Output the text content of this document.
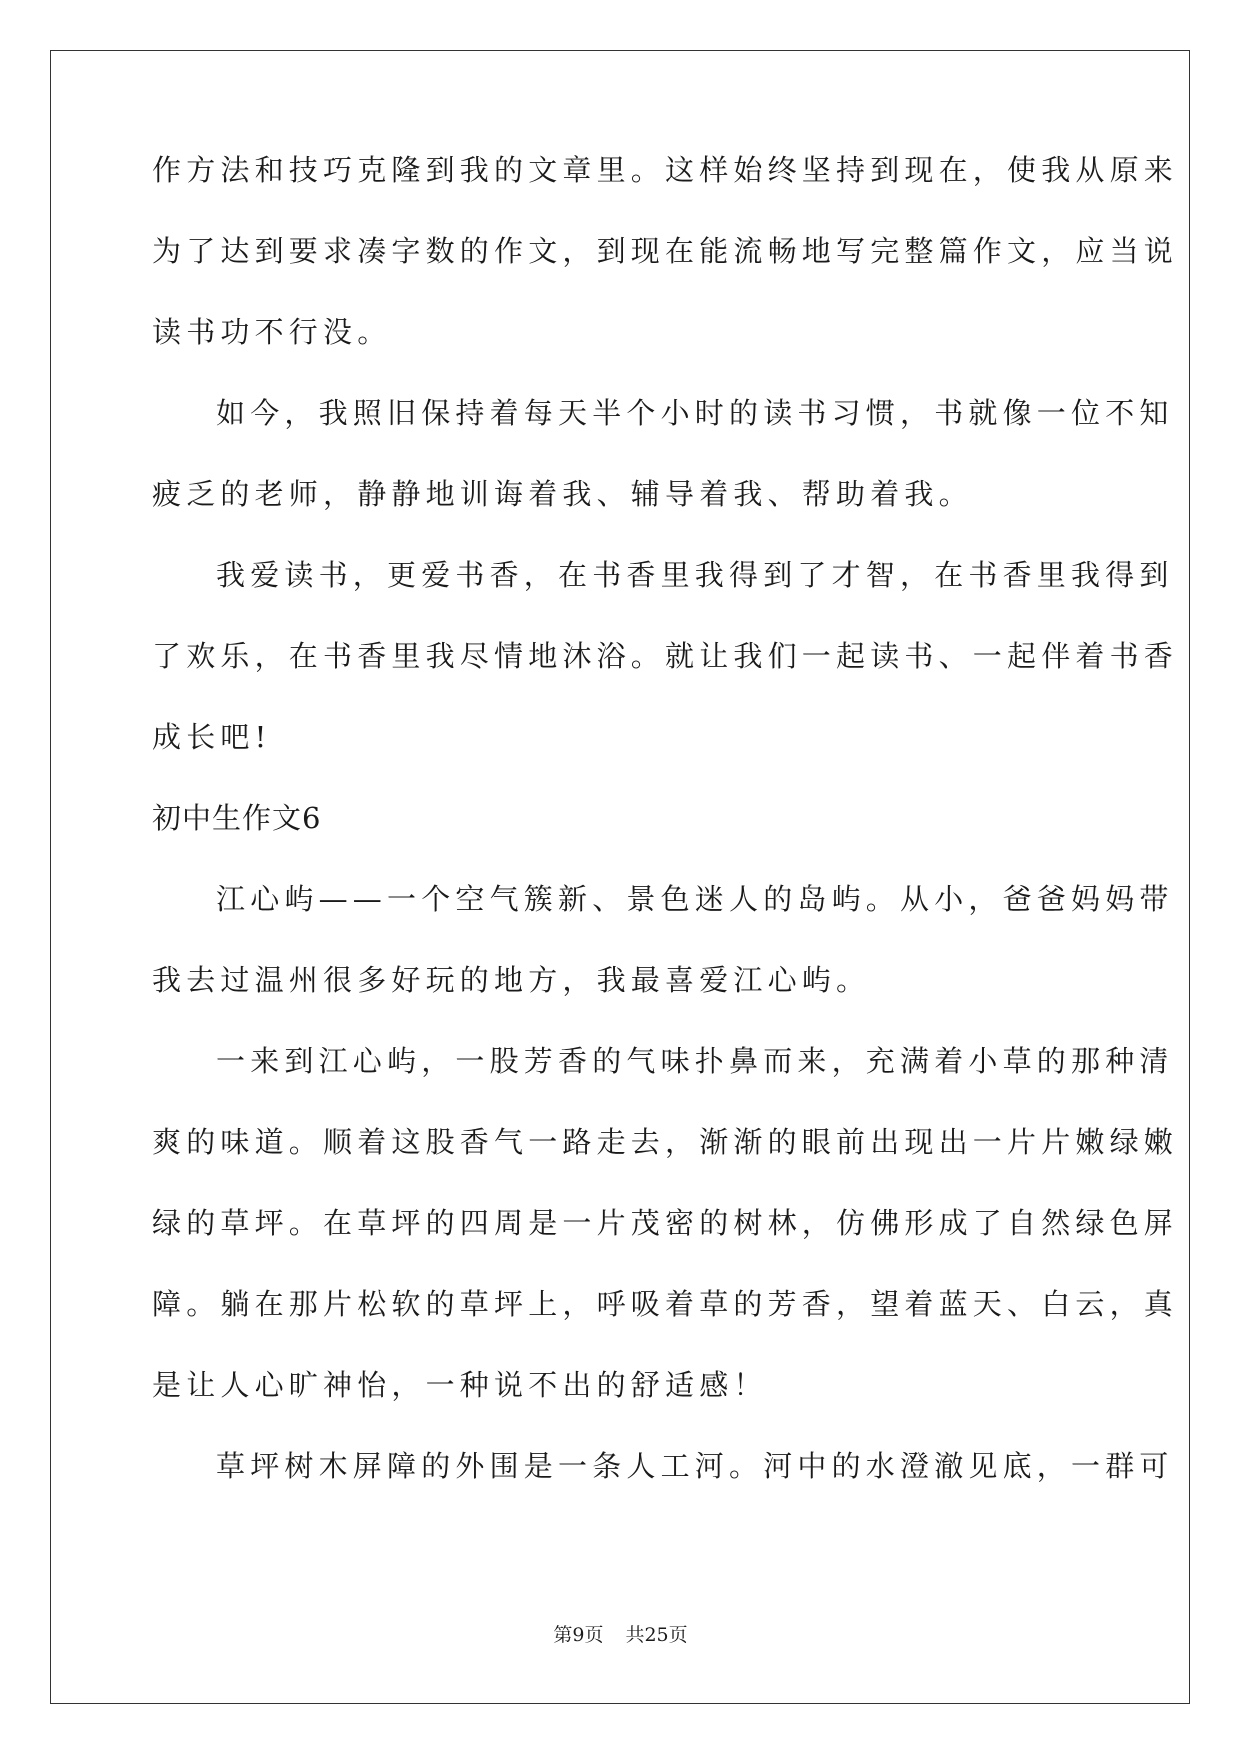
作方法和技巧克隆到我的文章里。这样始终坚持到现在，使我从原来
为了达到要求凑字数的作文，到现在能流畅地写完整篇作文，应当说
读书功不行没。
如今，我照旧保持着每天半个小时的读书习惯，书就像一位不知
疲乏的老师，静静地训诲着我、辅导着我、帮助着我。
我爱读书，更爱书香，在书香里我得到了才智，在书香里我得到
了欢乐，在书香里我尽情地沐浴。就让我们一起读书、一起伴着书香
成长吧!
初中生作文6
江心屿——一个空气簇新、景色迷人的岛屿。从小，爸爸妈妈带
我去过温州很多好玩的地方，我最喜爱江心屿。
一来到江心屿，一股芳香的气味扑鼻而来，充满着小草的那种清
爽的味道。顺着这股香气一路走去，渐渐的眼前出现出一片片嫩绿嫩
绿的草坪。在草坪的四周是一片茂密的树林，仿佛形成了自然绿色屏
障。躺在那片松软的草坪上，呼吸着草的芳香，望着蓝天、白云，真
是让人心旷神怡，一种说不出的舒适感！
草坪树木屏障的外围是一条人工河。河中的水澄澈见底，一群可
第9页 共25页
